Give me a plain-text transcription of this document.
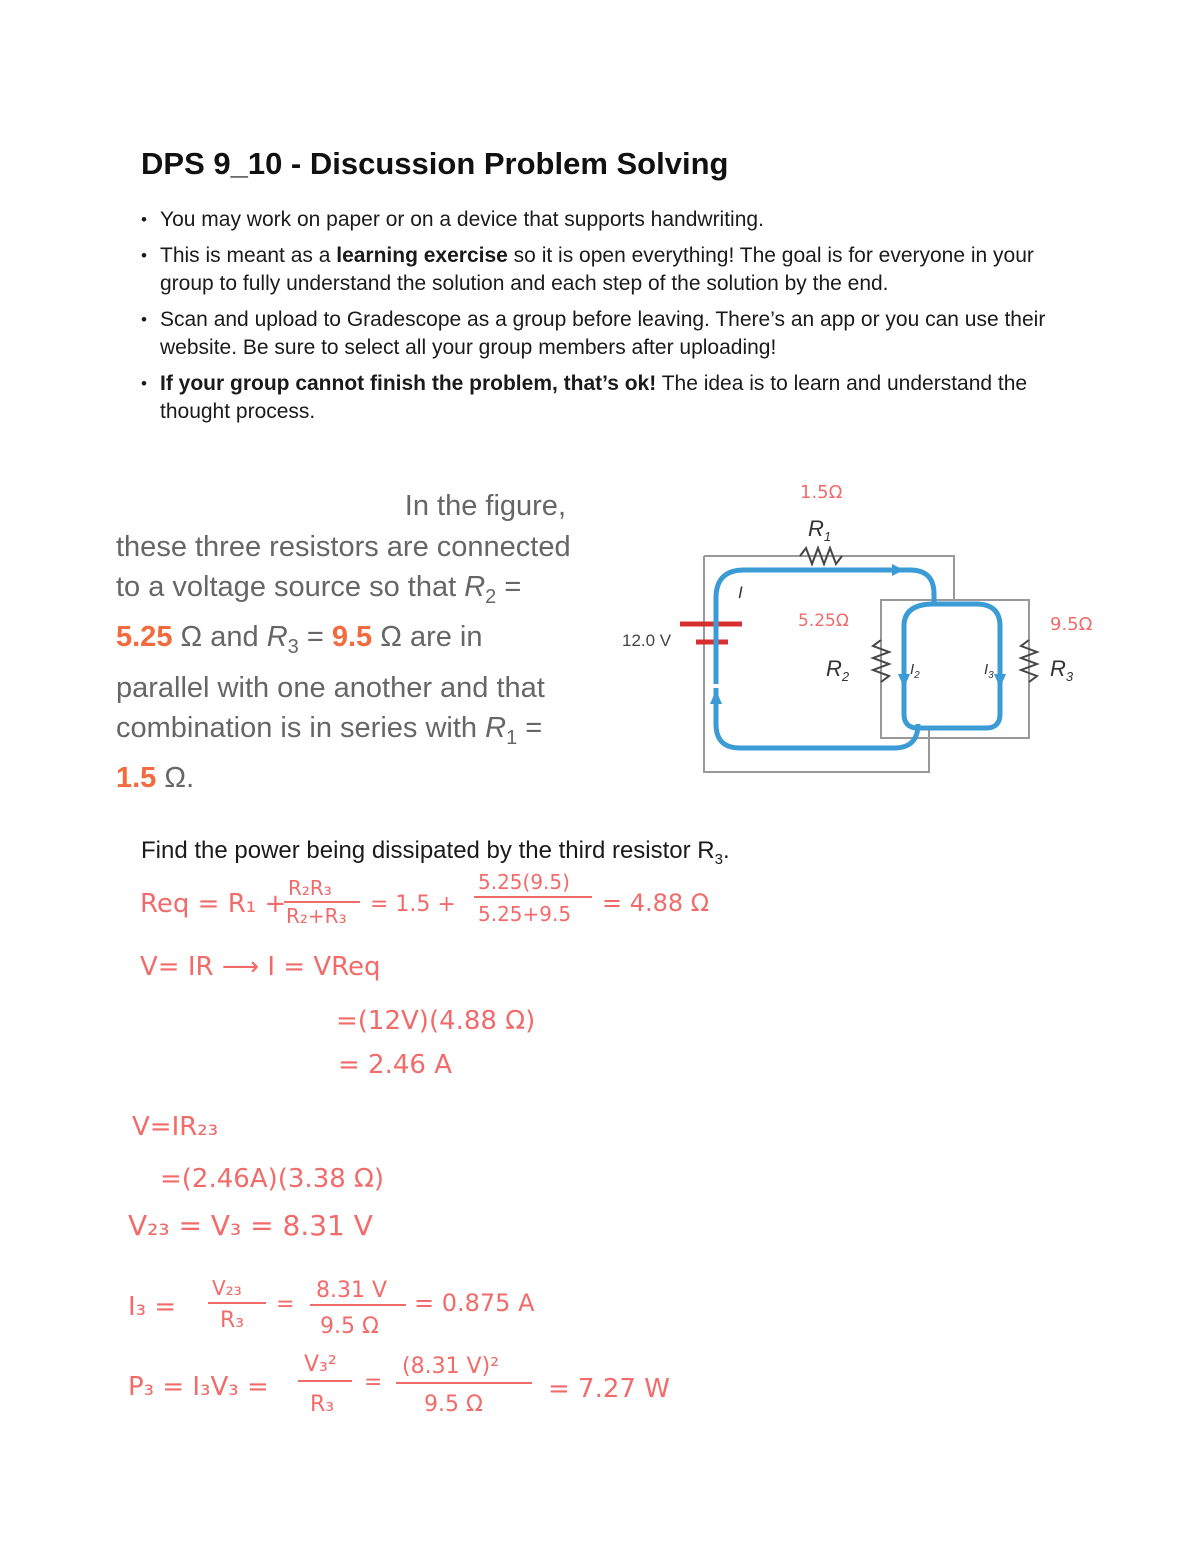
DPS 9_10 - Discussion Problem Solving
• You may work on paper or on a device that supports handwriting.
• This is meant as a learning exercise so it is open everything! The goal is for everyone in your group to fully understand the solution and each step of the solution by the end.
• Scan and upload to Gradescope as a group before leaving. There’s an app or you can use their website. Be sure to select all your group members after uploading!
• If your group cannot finish the problem, that’s ok! The idea is to learn and understand the thought process.
In the figure,
these three resistors are connected
to a voltage source so that $R_2$ =
5.25 Ω and $R_3 = 9.5$ Ω are in
parallel with one another and that
combination is in series with $R_1$ =
1.5 Ω.
12.0 V
$R_1$
1.5Ω
$R_2$
5.25Ω
$R_3$
9.5Ω
I
$I_2$	$I_3$

Find the power being dissipated by the third resistor $R_3$.

Req = R₁ +
R₂R₃
R₂+R₃ = 1.5 +
5.25(9.5)
5.25+9.5 = 4.88 Ω
V= IR ⟶ I = VReq
=(12V)(4.88 Ω)
= 2.46 A
V=IR₂₃
=(2.46A)(3.38 Ω)
V₂₃ = V₃ = 8.31 V
I₃ =
V₂₃
R₃
=
8.31 V
9.5 Ω
= 0.875 A
P₃ = I₃V₃ =
V₃²
R₃
=
(8.31 V)²
9.5 Ω
= 7.27 W
